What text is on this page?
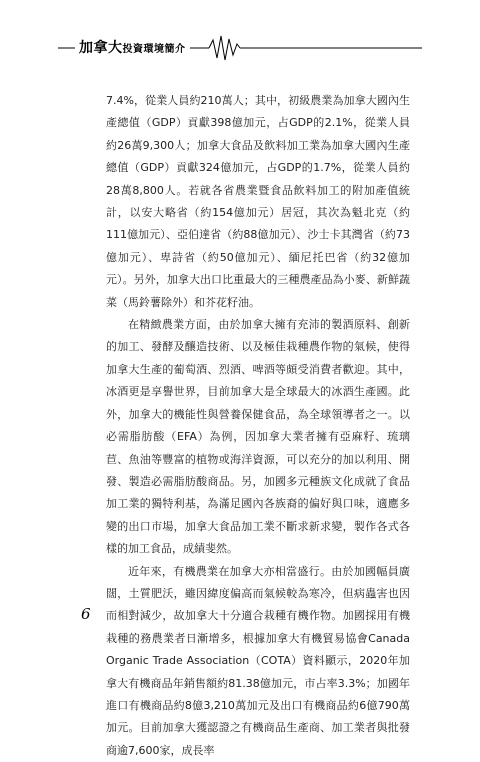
加拿大投資環境簡介

7.4%，從業人員約210萬人；其中，初級農業為加拿大國內生產總值（GDP）貢獻398億加元，占GDP的2.1%，從業人員約26萬9,300人；加拿大食品及飲料加工業為加拿大國內生產總值（GDP）貢獻324億加元，占GDP的1.7%，從業人員約28萬8,800人。若就各省農業暨食品飲料加工的附加產值統計，以安大略省（約154億加元）居冠，其次為魁北克（約111億加元）、亞伯達省（約88億加元）、沙士卡其灣省（約73億加元）、卑詩省（約50億加元）、緬尼托巴省（約32億加元）。另外，加拿大出口比重最大的三種農產品為小麥、新鮮蔬菜（馬鈴薯除外）和芥花籽油。

在精緻農業方面，由於加拿大擁有充沛的製酒原料、創新的加工、發酵及釀造技術、以及極佳栽種農作物的氣候，使得加拿大生產的葡萄酒、烈酒、啤酒等頗受消費者歡迎。其中，冰酒更是享譽世界，目前加拿大是全球最大的冰酒生產國。此外，加拿大的機能性與營養保健食品，為全球領導者之一。以必需脂肪酸（EFA）為例，因加拿大業者擁有亞麻籽、琉璃苣、魚油等豐富的植物或海洋資源，可以充分的加以利用、開發、製造必需脂肪酸商品。另，加國多元種族文化成就了食品加工業的獨特利基，為滿足國內各族裔的偏好與口味，適應多變的出口市場，加拿大食品加工業不斷求新求變，製作各式各樣的加工食品，成績斐然。

近年來，有機農業在加拿大亦相當盛行。由於加國幅員廣闊，土質肥沃，雖因緯度偏高而氣候較為寒冷，但病蟲害也因而相對減少，故加拿大十分適合栽種有機作物。加國採用有機栽種的務農業者日漸增多，根據加拿大有機貿易協會Canada Organic Trade Association（COTA）資料顯示，2020年加拿大有機商品年銷售額約81.38億加元，市占率3.3%；加國年進口有機商品約8億3,210萬加元及出口有機商品約6億790萬加元。目前加拿大獲認證之有機商品生產商、加工業者與批發商逾7,600家，成長率

6
